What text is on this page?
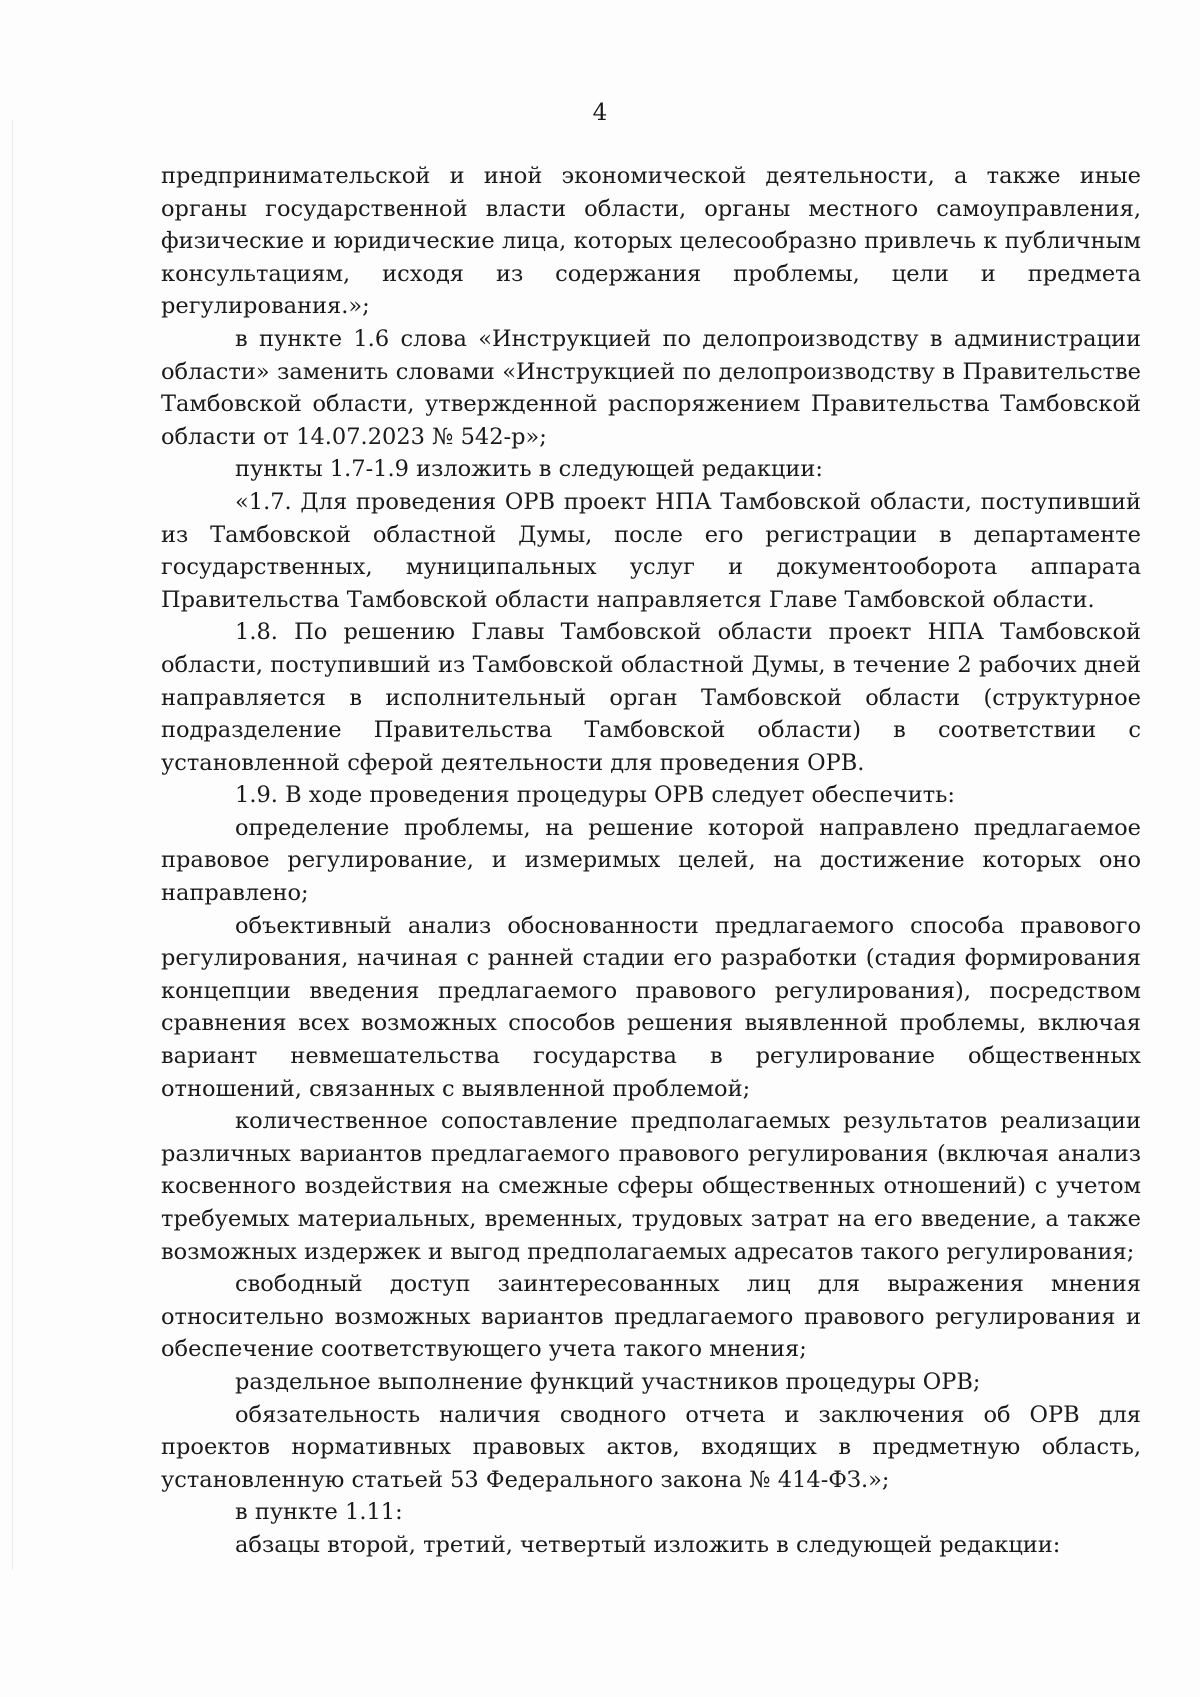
4

предпринимательской и иной экономической деятельности, а также иные органы государственной власти области, органы местного самоуправления, физические и юридические лица, которых целесообразно привлечь к публичным консультациям, исходя из содержания проблемы, цели и предмета регулирования.»;

в пункте 1.6 слова «Инструкцией по делопроизводству в администрации области» заменить словами «Инструкцией по делопроизводству в Правительстве Тамбовской области, утвержденной распоряжением Правительства Тамбовской области от 14.07.2023 № 542-р»;

пункты 1.7-1.9 изложить в следующей редакции:

«1.7. Для проведения ОРВ проект НПА Тамбовской области, поступивший из Тамбовской областной Думы, после его регистрации в департаменте государственных, муниципальных услуг и документооборота аппарата Правительства Тамбовской области направляется Главе Тамбовской области.

1.8. По решению Главы Тамбовской области проект НПА Тамбовской области, поступивший из Тамбовской областной Думы, в течение 2 рабочих дней направляется в исполнительный орган Тамбовской области (структурное подразделение Правительства Тамбовской области) в соответствии с установленной сферой деятельности для проведения ОРВ.

1.9. В ходе проведения процедуры ОРВ следует обеспечить:

определение проблемы, на решение которой направлено предлагаемое правовое регулирование, и измеримых целей, на достижение которых оно направлено;

объективный анализ обоснованности предлагаемого способа правового регулирования, начиная с ранней стадии его разработки (стадия формирования концепции введения предлагаемого правового регулирования), посредством сравнения всех возможных способов решения выявленной проблемы, включая вариант невмешательства государства в регулирование общественных отношений, связанных с выявленной проблемой;

количественное сопоставление предполагаемых результатов реализации различных вариантов предлагаемого правового регулирования (включая анализ косвенного воздействия на смежные сферы общественных отношений) с учетом требуемых материальных, временных, трудовых затрат на его введение, а также возможных издержек и выгод предполагаемых адресатов такого регулирования;

свободный доступ заинтересованных лиц для выражения мнения относительно возможных вариантов предлагаемого правового регулирования и обеспечение соответствующего учета такого мнения;

раздельное выполнение функций участников процедуры ОРВ;

обязательность наличия сводного отчета и заключения об ОРВ для проектов нормативных правовых актов, входящих в предметную область, установленную статьей 53 Федерального закона № 414-ФЗ.»;

в пункте 1.11:

абзацы второй, третий, четвертый изложить в следующей редакции:
